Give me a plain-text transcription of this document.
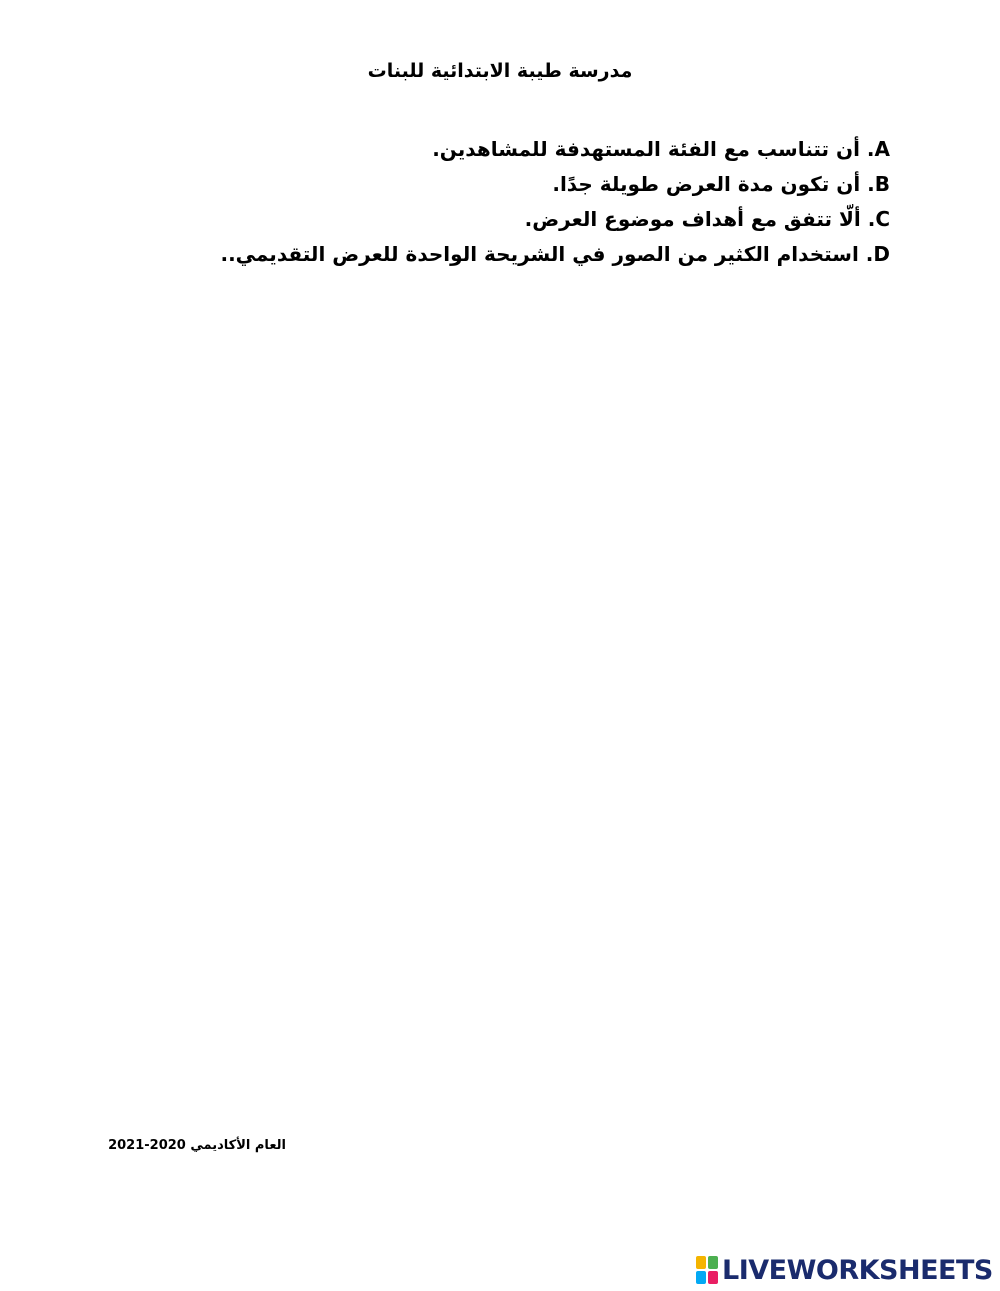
مدرسة طيبة الابتدائية للبنات
A. أن تتناسب مع الفئة المستهدفة للمشاهدين.
B. أن تكون مدة العرض طويلة جدًا.
C. ألّا تتفق مع أهداف موضوع العرض.
D. استخدام الكثير من الصور في الشريحة الواحدة للعرض التقديمي..
العام الأكاديمي 2020-2021
LIVEWORKSHEETS
